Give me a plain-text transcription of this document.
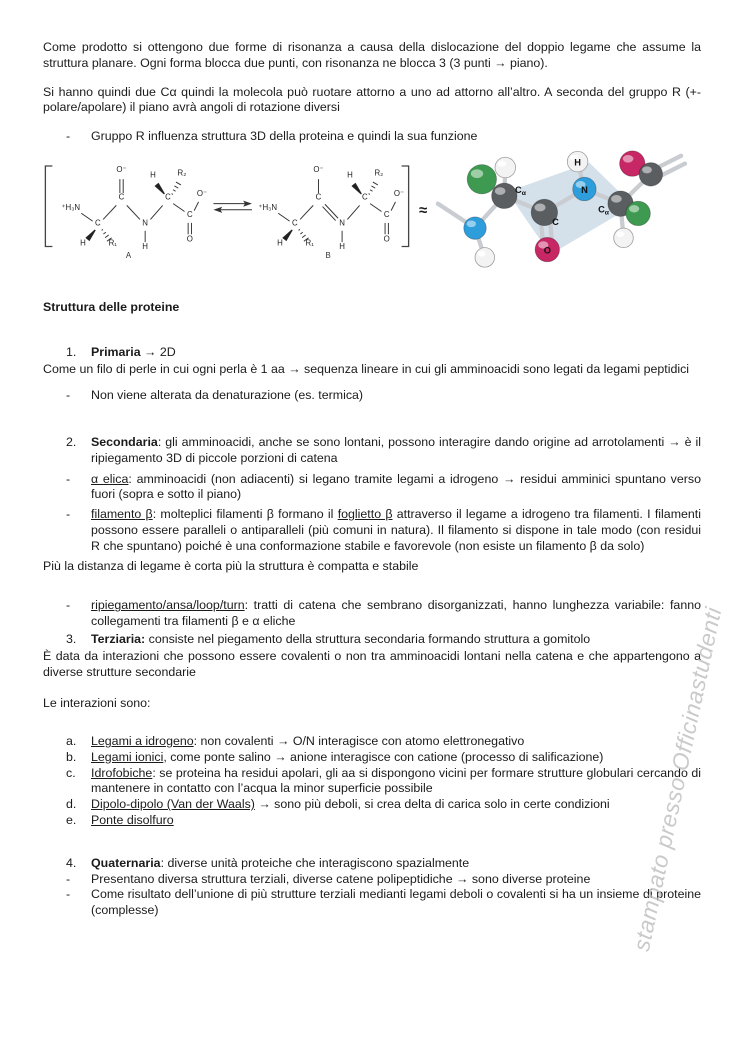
Come prodotto si ottengono due forme di risonanza a causa della dislocazione del doppio legame che assume la struttura planare. Ogni forma blocca due punti, con risonanza ne blocca 3 (3 punti → piano).

Si hanno quindi due Cα quindi la molecola può ruotare attorno a uno ad attorno all’altro. A seconda del gruppo R (+- polare/apolare) il piano avrà angoli di rotazione diversi

-	Gruppo R influenza struttura 3D della proteina e quindi la sua funzione
⁺H₃N
C
H	R₁
C
O⁻
N
H
C
H R₂
C
O⁻
O
A
⁺H₃N
C
H	R₁
C
O⁻
N
H
C
H R₂
C
O⁻
O
B
≈
$C_\alpha$
C
N
O
H
$C_\alpha$
Struttura delle proteine
1.	Primaria → 2D

Come un filo di perle in cui ogni perla è 1 aa → sequenza lineare in cui gli amminoacidi sono legati da legami peptidici

-	Non viene alterata da denaturazione (es. termica)
2.	Secondaria: gli amminoacidi, anche se sono lontani, possono interagire dando origine ad arrotolamenti → è il ripiegamento 3D di piccole porzioni di catena
-	α elica: amminoacidi (non adiacenti) si legano tramite legami a idrogeno → residui amminici spuntano verso fuori (sopra e sotto il piano)
-	filamento β: molteplici filamenti β formano il foglietto β attraverso il legame a idrogeno tra filamenti. I filamenti possono essere paralleli o antiparalleli (più comuni in natura). Il filamento si dispone in tale modo (con residui R che spuntano) poiché è una conformazione stabile e favorevole (non esiste un filamento β da solo)

Più la distanza di legame è corta più la struttura è compatta e stabile

-	ripiegamento/ansa/loop/turn: tratti di catena che sembrano disorganizzati, hanno lunghezza variabile: fanno collegamenti tra filamenti β e α eliche
3.	Terziaria: consiste nel piegamento della struttura secondaria formando struttura a gomitolo

È data da interazioni che possono essere covalenti o non tra amminoacidi lontani nella catena e che appartengono a diverse strutture secondarie

Le interazioni sono:

a.	Legami a idrogeno: non covalenti → O/N interagisce con atomo elettronegativo
b.	Legami ionici, come ponte salino → anione interagisce con catione (processo di salificazione)
c.	Idrofobiche: se proteina ha residui apolari, gli aa si dispongono vicini per formare strutture globulari cercando di mantenere in contatto con l’acqua la minor superficie possibile
d.	Dipolo-dipolo (Van der Waals) → sono più deboli, si crea delta di carica solo in certe condizioni
e.	Ponte disolfuro
4.	Quaternaria: diverse unità proteiche che interagiscono spazialmente
-	Presentano diversa struttura terziali, diverse catene polipeptidiche → sono diverse proteine
-	Come risultato dell’unione di più strutture terziali medianti legami deboli o covalenti si ha un insieme di proteine (complesse)	stampato presso Officinastudenti
